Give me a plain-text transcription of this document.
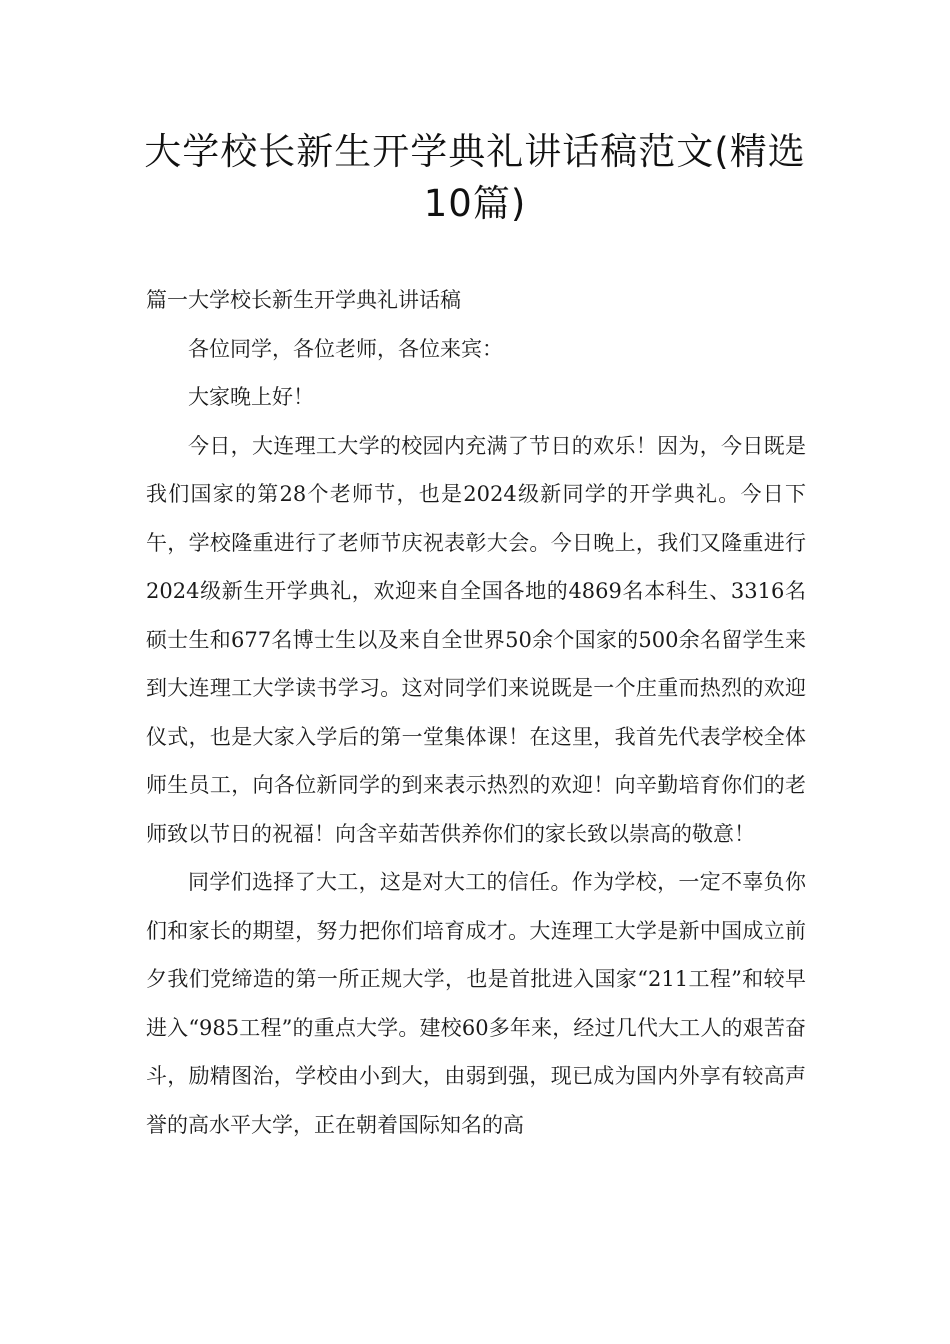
大学校长新生开学典礼讲话稿范文(精选10篇)

篇一大学校长新生开学典礼讲话稿

各位同学，各位老师，各位来宾：

大家晚上好！

今日，大连理工大学的校园内充满了节日的欢乐！因为，今日既是我们国家的第28个老师节，也是2024级新同学的开学典礼。今日下午，学校隆重进行了老师节庆祝表彰大会。今日晚上，我们又隆重进行2024级新生开学典礼，欢迎来自全国各地的4869名本科生、3316名硕士生和677名博士生以及来自全世界50余个国家的500余名留学生来到大连理工大学读书学习。这对同学们来说既是一个庄重而热烈的欢迎仪式，也是大家入学后的第一堂集体课！在这里，我首先代表学校全体师生员工，向各位新同学的到来表示热烈的欢迎！向辛勤培育你们的老师致以节日的祝福！向含辛茹苦供养你们的家长致以崇高的敬意！

同学们选择了大工，这是对大工的信任。作为学校，一定不辜负你们和家长的期望，努力把你们培育成才。大连理工大学是新中国成立前夕我们党缔造的第一所正规大学，也是首批进入国家“211工程”和较早进入“985工程”的重点大学。建校60多年来，经过几代大工人的艰苦奋斗，励精图治，学校由小到大，由弱到强，现已成为国内外享有较高声誉的高水平大学，正在朝着国际知名的高
